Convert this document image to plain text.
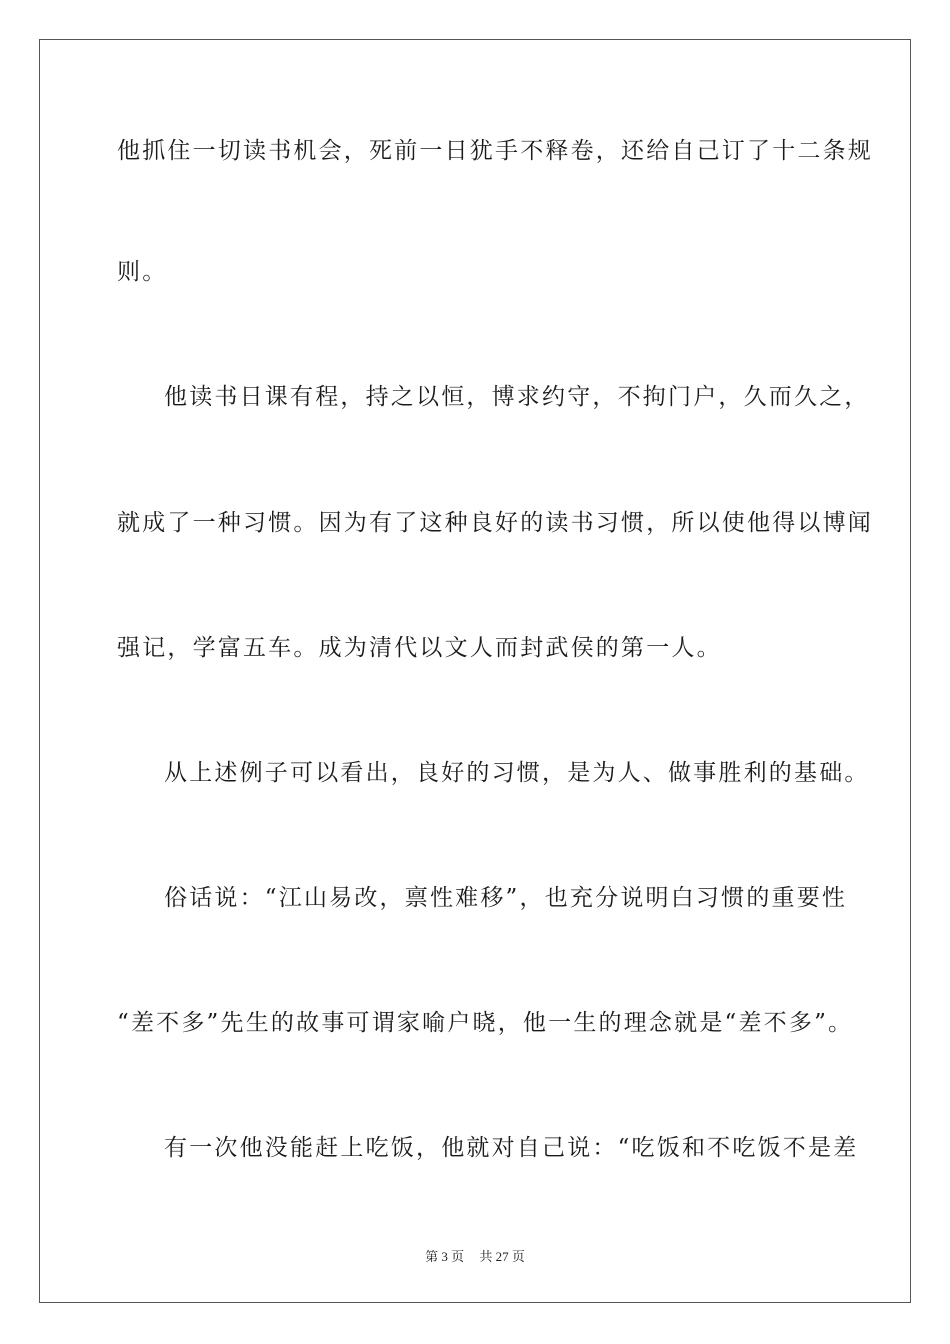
他抓住一切读书机会，死前一日犹手不释卷，还给自己订了十二条规
则。
他读书日课有程，持之以恒，博求约守，不拘门户，久而久之，
就成了一种习惯。因为有了这种良好的读书习惯，所以使他得以博闻
强记，学富五车。成为清代以文人而封武侯的第一人。
从上述例子可以看出，良好的习惯，是为人、做事胜利的基础。
俗话说：“江山易改，禀性难移”，也充分说明白习惯的重要性
“差不多”先生的故事可谓家喻户晓，他一生的理念就是“差不多”。
有一次他没能赶上吃饭，他就对自己说：“吃饭和不吃饭不是差
第 3 页 共 27 页
